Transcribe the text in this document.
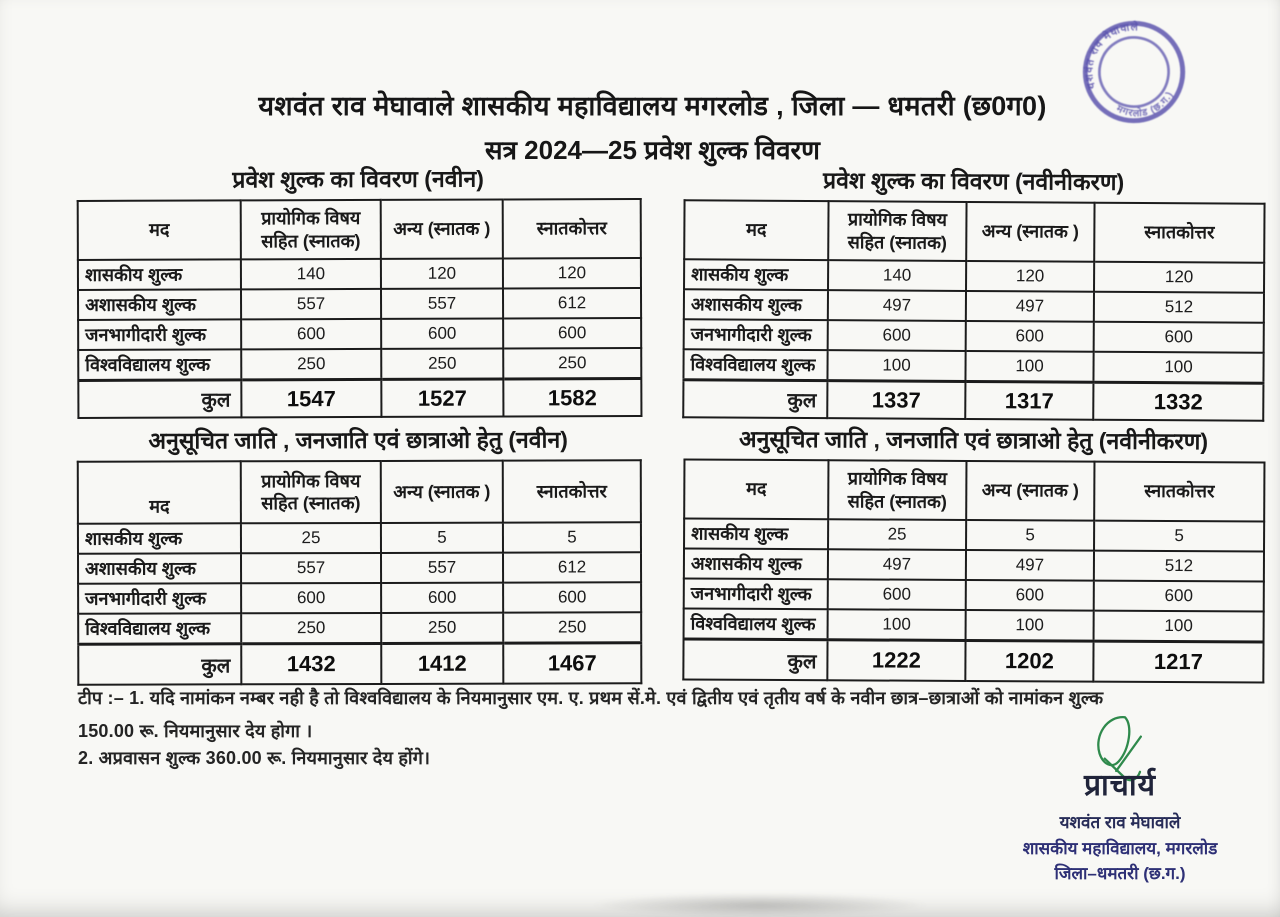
यशवंत राव मेघावाले शासकीय महाविद्यालय मगरलोड , जिला — धमतरी (छ0ग0)
सत्र 2024—25 प्रवेश शुल्क विवरण
प्रवेश शुल्क का विवरण (नवीन)
मद	प्रायोगिक विषय सहित (स्नातक)	अन्य (स्नातक )	स्नातकोत्तर
शासकीय शुल्क	140	120	120
अशासकीय शुल्क	557	557	612
जनभागीदारी शुल्क	600	600	600
विश्वविद्यालय शुल्क	250	250	250
कुल	1547	1527	1582
प्रवेश शुल्क का विवरण (नवीनीकरण)
मद	प्रायोगिक विषय सहित (स्नातक)	अन्य (स्नातक )	स्नातकोत्तर
शासकीय शुल्क	140	120	120
अशासकीय शुल्क	497	497	512
जनभागीदारी शुल्क	600	600	600
विश्वविद्यालय शुल्क	100	100	100
कुल	1337	1317	1332
अनुसूचित जाति , जनजाति एवं छात्राओ हेतु (नवीन)
मद	प्रायोगिक विषय सहित (स्नातक)	अन्य (स्नातक )	स्नातकोत्तर
शासकीय शुल्क	25	5	5
अशासकीय शुल्क	557	557	612
जनभागीदारी शुल्क	600	600	600
विश्वविद्यालय शुल्क	250	250	250
कुल	1432	1412	1467
अनुसूचित जाति , जनजाति एवं छात्राओ हेतु (नवीनीकरण)
मद	प्रायोगिक विषय सहित (स्नातक)	अन्य (स्नातक )	स्नातकोत्तर
शासकीय शुल्क	25	5	5
अशासकीय शुल्क	497	497	512
जनभागीदारी शुल्क	600	600	600
विश्वविद्यालय शुल्क	100	100	100
कुल	1222	1202	1217
टीप :– 1. यदि नामांकन नम्बर नही है तो विश्वविद्यालय के नियमानुसार एम. ए. प्रथम सें.मे. एवं द्वितीय एवं तृतीय वर्ष के नवीन छात्र–छात्राओं को नामांकन शुल्क
150.00 रू. नियमानुसार देय होगा ।
2. अप्रवासन शुल्क 360.00 रू. नियमानुसार देय होंगे।
यशवंत राव मेघावाले
मगरलोड (छ.ग.)
प्राचार्य
यशवंत राव मेघावाले
शासकीय महाविद्यालय, मगरलोड
जिला–धमतरी (छ.ग.)
